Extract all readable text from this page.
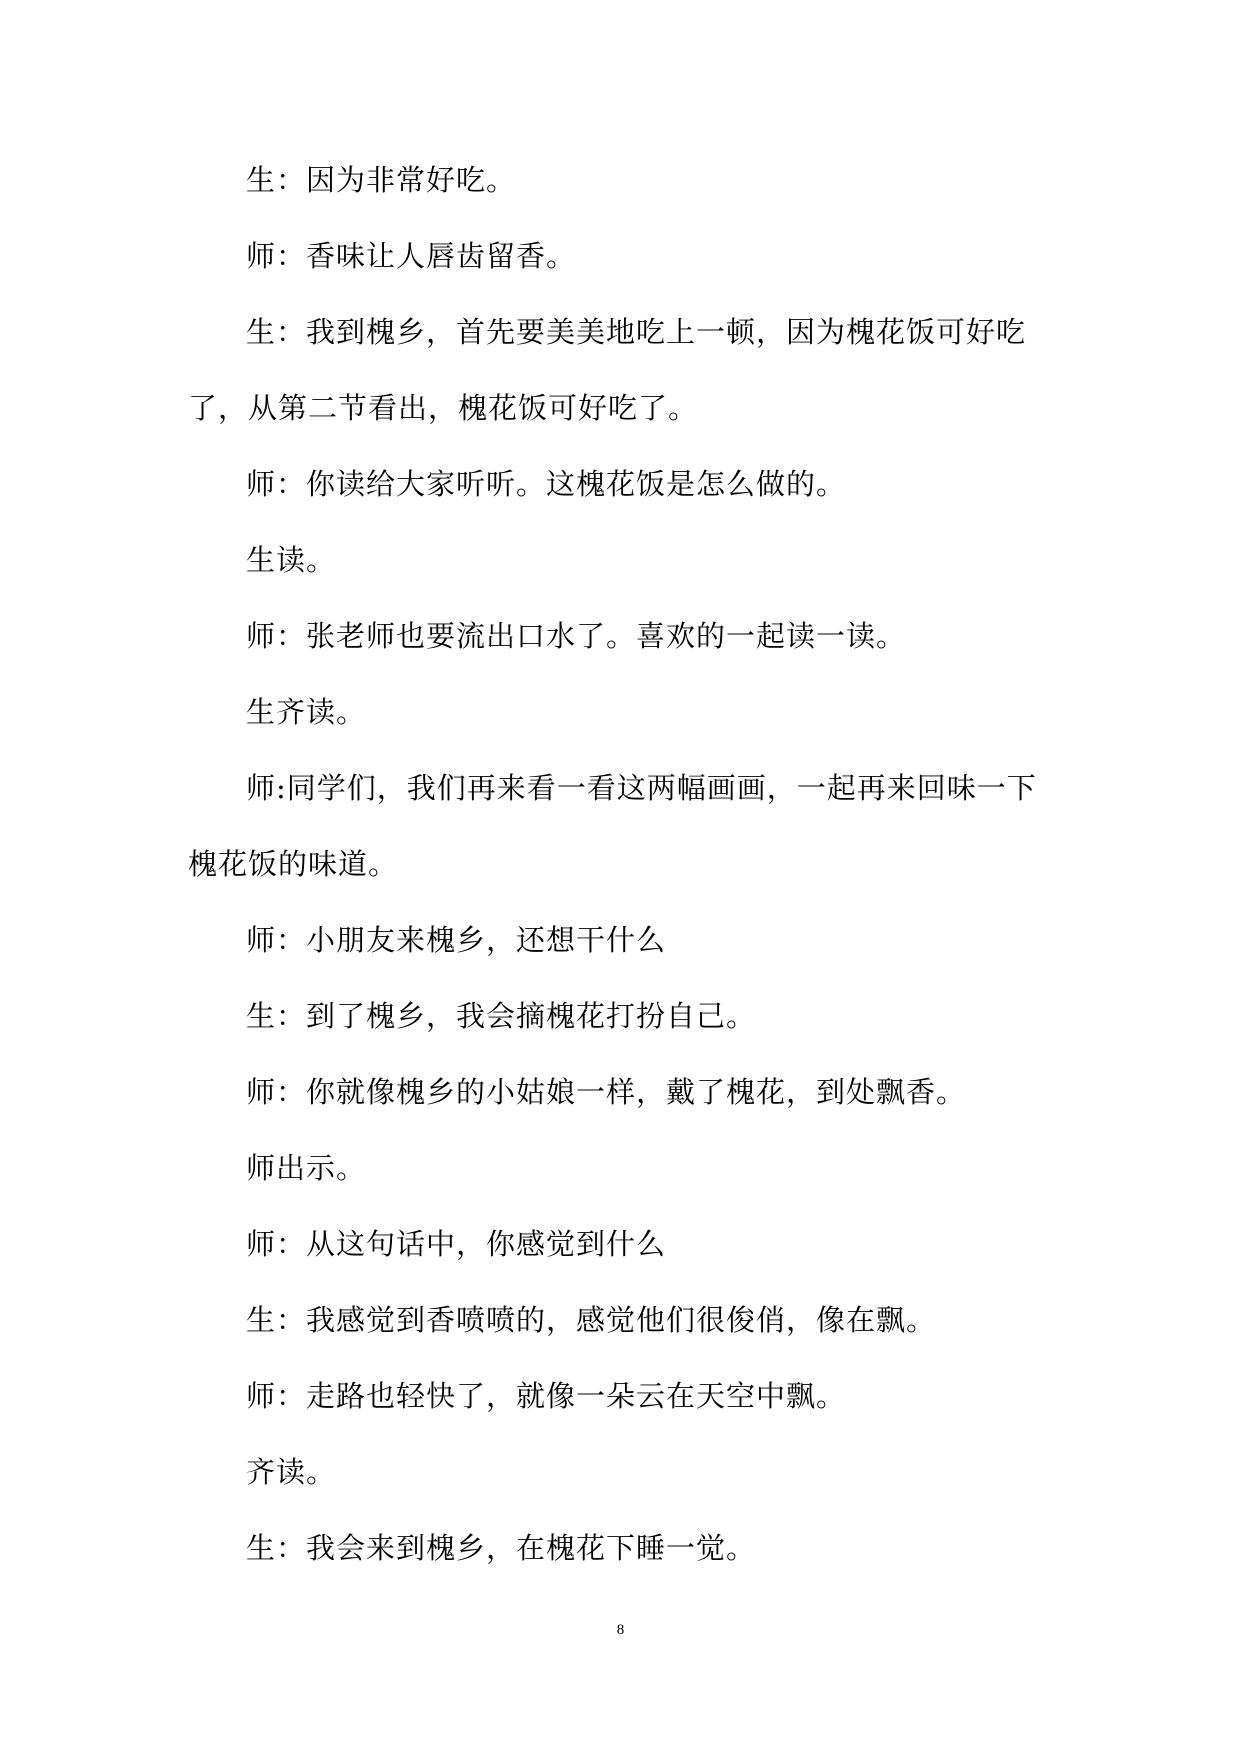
生：因为非常好吃。

师：香味让人唇齿留香。

生：我到槐乡，首先要美美地吃上一顿，因为槐花饭可好吃了，从第二节看出，槐花饭可好吃了。

师：你读给大家听听。这槐花饭是怎么做的。

生读。

师：张老师也要流出口水了。喜欢的一起读一读。

生齐读。

师:同学们，我们再来看一看这两幅画画，一起再来回味一下槐花饭的味道。

师：小朋友来槐乡，还想干什么

生：到了槐乡，我会摘槐花打扮自己。

师：你就像槐乡的小姑娘一样，戴了槐花，到处飘香。

师出示。

师：从这句话中，你感觉到什么

生：我感觉到香喷喷的，感觉他们很俊俏，像在飘。

师：走路也轻快了，就像一朵云在天空中飘。

齐读。

生：我会来到槐乡，在槐花下睡一觉。

8
